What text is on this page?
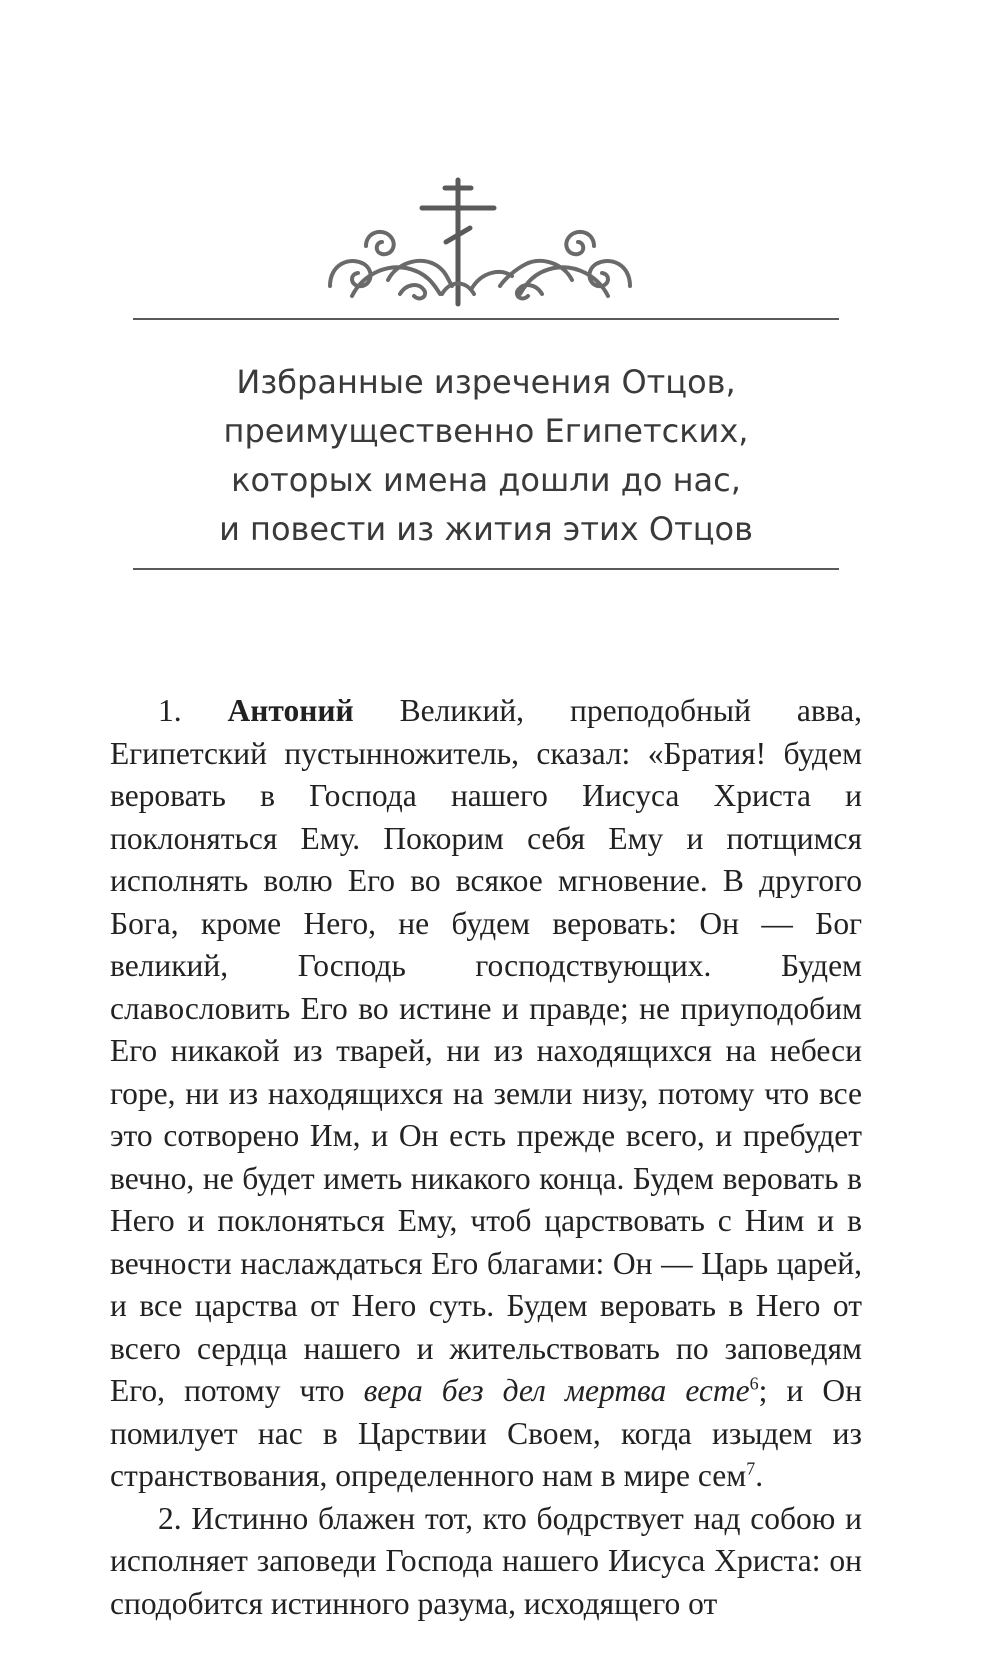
Избранные изречения Отцов,
преимущественно Египетских,
которых имена дошли до нас,
и повести из жития этих Отцов

1. Антоний Великий, преподобный авва, Египетский пустынножитель, сказал: «Братия! будем веровать в Господа нашего Иисуса Христа и поклоняться Ему. Покорим себя Ему и потщимся исполнять волю Его во всякое мгновение. В другого Бога, кроме Него, не будем веровать: Он — Бог великий, Господь господствующих. Будем славословить Его во истине и правде; не приуподобим Его никакой из тварей, ни из находящихся на небеси горе, ни из находящихся на земли низу, потому что все это сотворено Им, и Он есть прежде всего, и пребудет вечно, не будет иметь никакого конца. Будем веровать в Него и поклоняться Ему, чтоб царствовать с Ним и в вечности наслаждаться Его благами: Он — Царь царей, и все царства от Него суть. Будем веровать в Него от всего сердца нашего и жительствовать по заповедям Его, потому что вера без дел мертва есте$^6$; и Он помилует нас в Царствии Своем, когда изыдем из странствования, определенного нам в мире сем$^7$.

2. Истинно блажен тот, кто бодрствует над собою и исполняет заповеди Господа нашего Иисуса Христа: он сподобится истинного разума, исходящего от
